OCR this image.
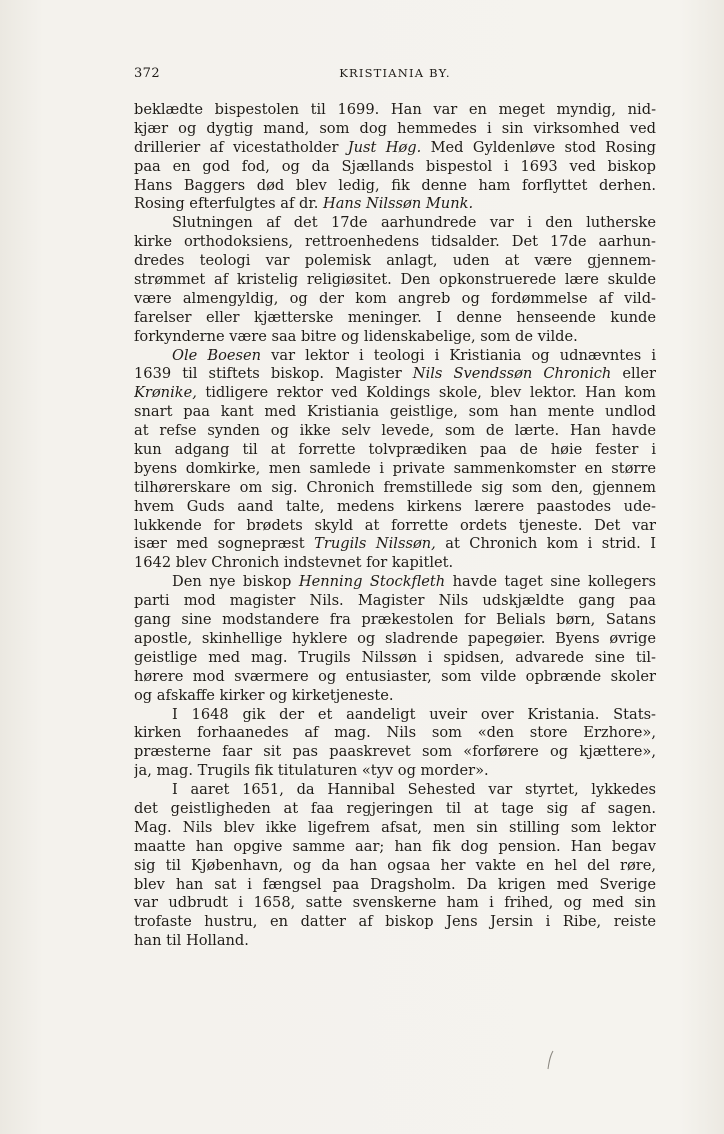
372	KRISTIANIA BY.
beklædte bispestolen til 1699. Han var en meget myndig, nid-
kjær og dygtig mand, som dog hemmedes i sin virksomhed ved
drillerier af vicestatholder Just Høg. Med Gyldenløve stod Rosing
paa en god fod, og da Sjællands bispestol i 1693 ved biskop
Hans Baggers død blev ledig, fik denne ham forflyttet derhen.
Rosing efterfulgtes af dr. Hans Nilssøn Munk.
Slutningen af det 17de aarhundrede var i den lutherske
kirke orthodoksiens, rettroenhedens tidsalder. Det 17de aarhun-
dredes teologi var polemisk anlagt, uden at være gjennem-
strømmet af kristelig religiøsitet. Den opkonstruerede lære skulde
være almengyldig, og der kom angreb og fordømmelse af vild-
farelser eller kjætterske meninger. I denne henseende kunde
forkynderne være saa bitre og lidenskabelige, som de vilde.
Ole Boesen var lektor i teologi i Kristiania og udnævntes i
1639 til stiftets biskop. Magister Nils Svendssøn Chronich eller
Krønike, tidligere rektor ved Koldings skole, blev lektor. Han kom
snart paa kant med Kristiania geistlige, som han mente undlod
at refse synden og ikke selv levede, som de lærte. Han havde
kun adgang til at forrette tolvprædiken paa de høie fester i
byens domkirke, men samlede i private sammenkomster en større
tilhørerskare om sig. Chronich fremstillede sig som den, gjennem
hvem Guds aand talte, medens kirkens lærere paastodes ude-
lukkende for brødets skyld at forrette ordets tjeneste. Det var
især med sognepræst Trugils Nilssøn, at Chronich kom i strid. I
1642 blev Chronich indstevnet for kapitlet.
Den nye biskop Henning Stockfleth havde taget sine kollegers
parti mod magister Nils. Magister Nils udskjældte gang paa
gang sine modstandere fra prækestolen for Belials børn, Satans
apostle, skinhellige hyklere og sladrende papegøier. Byens øvrige
geistlige med mag. Trugils Nilssøn i spidsen, advarede sine til-
hørere mod sværmere og entusiaster, som vilde opbrænde skoler
og afskaffe kirker og kirketjeneste.
I 1648 gik der et aandeligt uveir over Kristania. Stats-
kirken forhaanedes af mag. Nils som «den store Erzhore»,
præsterne faar sit pas paaskrevet som «forførere og kjættere»,
ja, mag. Trugils fik titulaturen «tyv og morder».
I aaret 1651, da Hannibal Sehested var styrtet, lykkedes
det geistligheden at faa regjeringen til at tage sig af sagen.
Mag. Nils blev ikke ligefrem afsat, men sin stilling som lektor
maatte han opgive samme aar; han fik dog pension. Han begav
sig til Kjøbenhavn, og da han ogsaa her vakte en hel del røre,
blev han sat i fængsel paa Dragsholm. Da krigen med Sverige
var udbrudt i 1658, satte svenskerne ham i frihed, og med sin
trofaste hustru, en datter af biskop Jens Jersin i Ribe, reiste
han til Holland.
